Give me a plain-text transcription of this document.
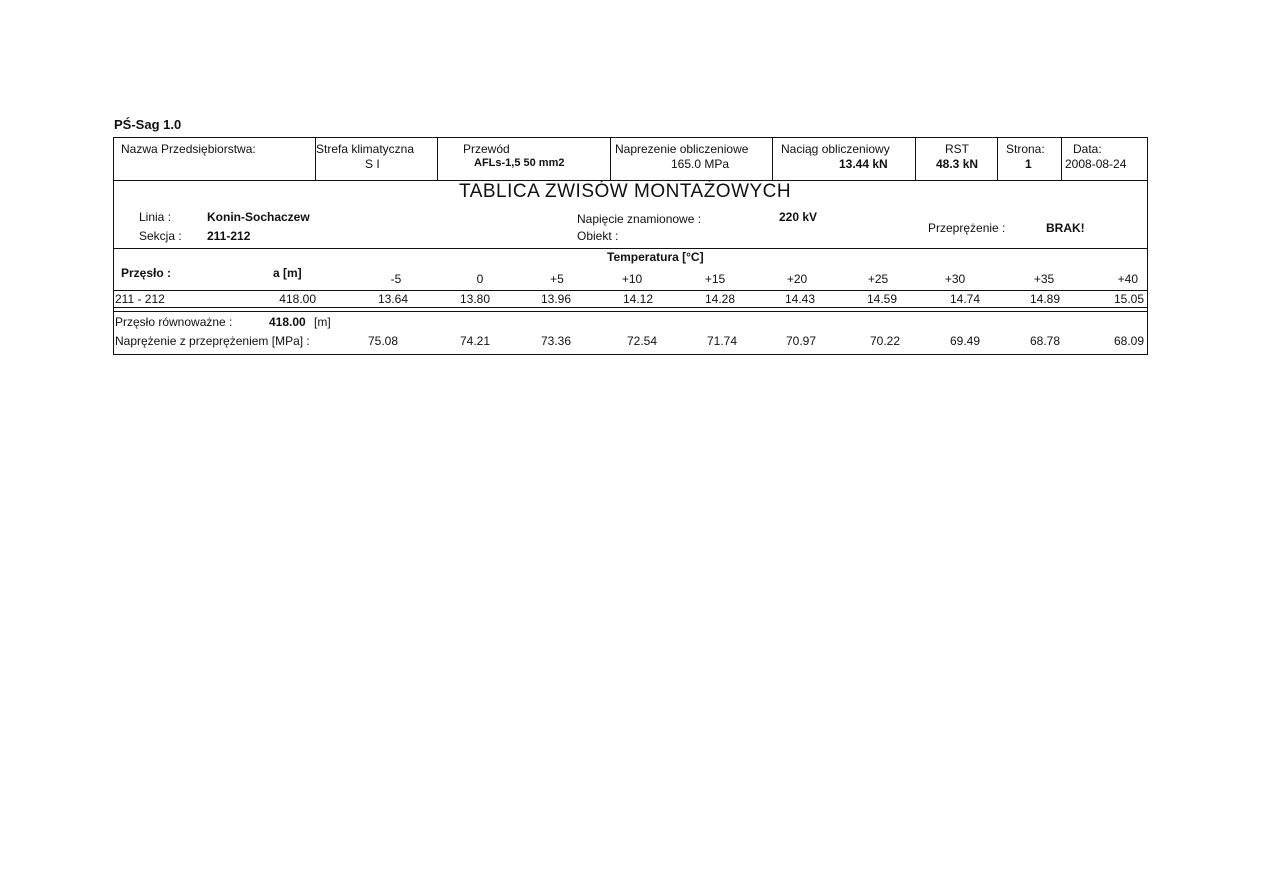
PŚ-Sag 1.0
Nazwa Przedsiębiorstwa:	Strefa klimatyczna
S I
Przewód
AFLs-1,5 50 mm2
Naprezenie obliczeniowe
165.0 MPa
Naciąg obliczeniowy
13.44 kN
RST
48.3 kN
Strona:
1
Data:
2008-08-24
TABLICA ZWISÓW MONTAŻOWYCH
Linia :	Konin-Sochaczew
Sekcja : 211-212
Napięcie znamionowe :	220 kV
Obiekt :
Przeprężenie :	BRAK!
Temperatura [°C]
Przęsło :	a [m]	-5	0	+5	+10	+15	+20	+25	+30	+35	+40
211 - 212	418.00	13.64	13.80	13.96	14.12	14.28	14.43	14.59	14.74	14.89	15.05
Przęsło równoważne :	418.00 [m]
Naprężenie z przeprężeniem [MPa] :	75.08	74.21	73.36	72.54	71.74	70.97	70.22	69.49	68.78	68.09
